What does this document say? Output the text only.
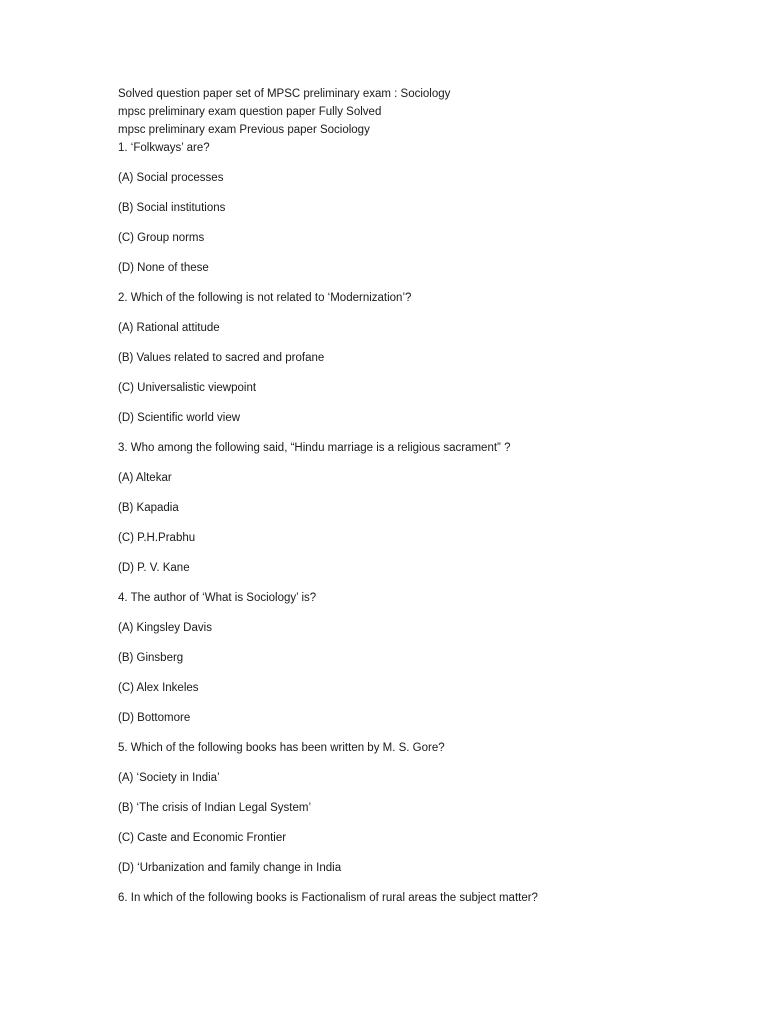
Solved question paper set of MPSC preliminary exam : Sociology
mpsc preliminary exam question paper Fully Solved
mpsc preliminary exam Previous paper Sociology
1. ‘Folkways’ are?
(A) Social processes
(B) Social institutions
(C) Group norms
(D) None of these
2. Which of the following is not related to ‘Modernization’?
(A) Rational attitude
(B) Values related to sacred and profane
(C) Universalistic viewpoint
(D) Scientific world view
3. Who among the following said, “Hindu marriage is a religious sacrament” ?
(A) Altekar
(B) Kapadia
(C) P.H.Prabhu
(D) P. V. Kane
4. The author of ‘What is Sociology’ is?
(A) Kingsley Davis
(B) Ginsberg
(C) Alex Inkeles
(D) Bottomore
5. Which of the following books has been written by M. S. Gore?
(A) ‘Society in India’
(B) ‘The crisis of Indian Legal System’
(C) Caste and Economic Frontier
(D) ‘Urbanization and family change in India
6. In which of the following books is Factionalism of rural areas the subject matter?
